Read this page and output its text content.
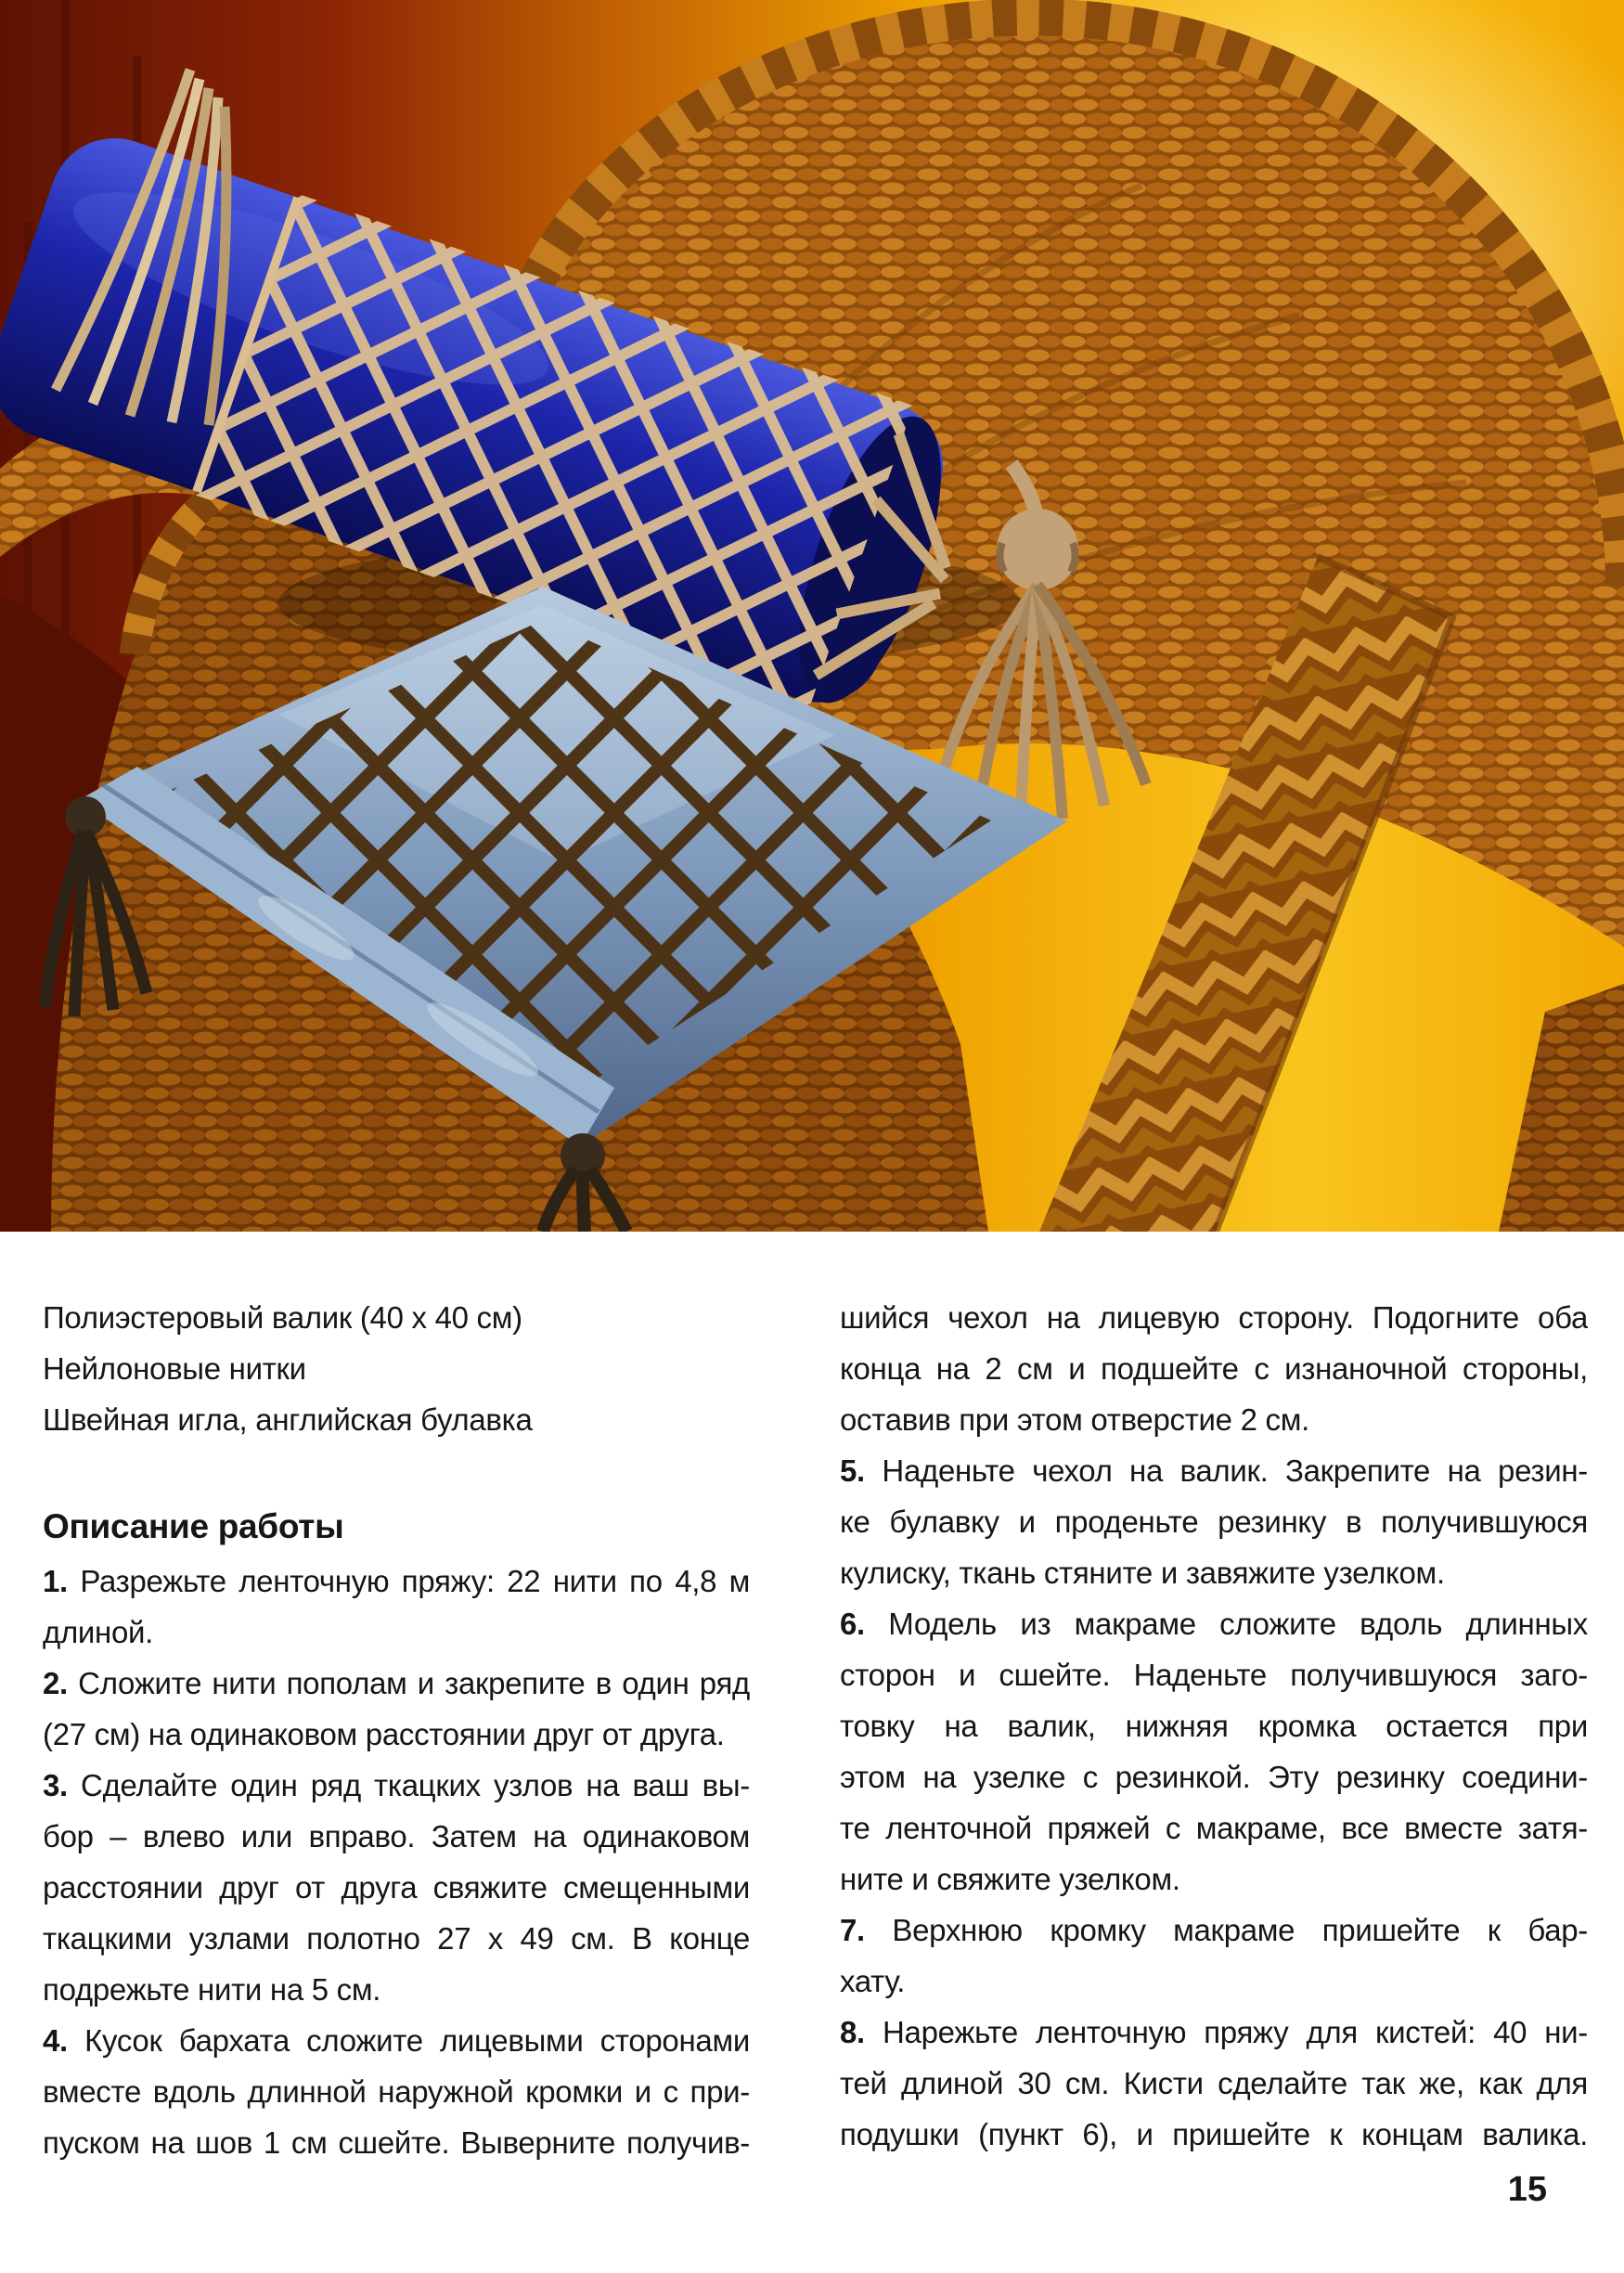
Полиэстеровый валик (40 х 40 см)
Нейлоновые нитки
Швейная игла, английская булавка
Описание работы
1. Разрежьте ленточную пряжу: 22 нити по 4,8 м
длиной.
2. Сложите нити пополам и закрепите в один ряд
(27 см) на одинаковом расстоянии друг от друга.
3. Сделайте один ряд ткацких узлов на ваш вы-
бор – влево или вправо. Затем на одинаковом
расстоянии друг от друга свяжите смещенными
ткацкими узлами полотно 27 х 49 см. В конце
подрежьте нити на 5 см.
4. Кусок бархата сложите лицевыми сторонами
вместе вдоль длинной наружной кромки и с при-
пуском на шов 1 см сшейте. Выверните получив-
шийся чехол на лицевую сторону. Подогните оба
конца на 2 см и подшейте с изнаночной стороны,
оставив при этом отверстие 2 см.
5. Наденьте чехол на валик. Закрепите на резин-
ке булавку и проденьте резинку в получившуюся
кулиску, ткань стяните и завяжите узелком.
6. Модель из макраме сложите вдоль длинных
сторон и сшейте. Наденьте получившуюся заго-
товку на валик, нижняя кромка остается при
этом на узелке с резинкой. Эту резинку соедини-
те ленточной пряжей с макраме, все вместе затя-
ните и свяжите узелком.
7. Верхнюю кромку макраме пришейте к бар-
хату.
8. Нарежьте ленточную пряжу для кистей: 40 ни-
тей длиной 30 см. Кисти сделайте так же, как для
подушки (пункт 6), и пришейте к концам валика.
15
